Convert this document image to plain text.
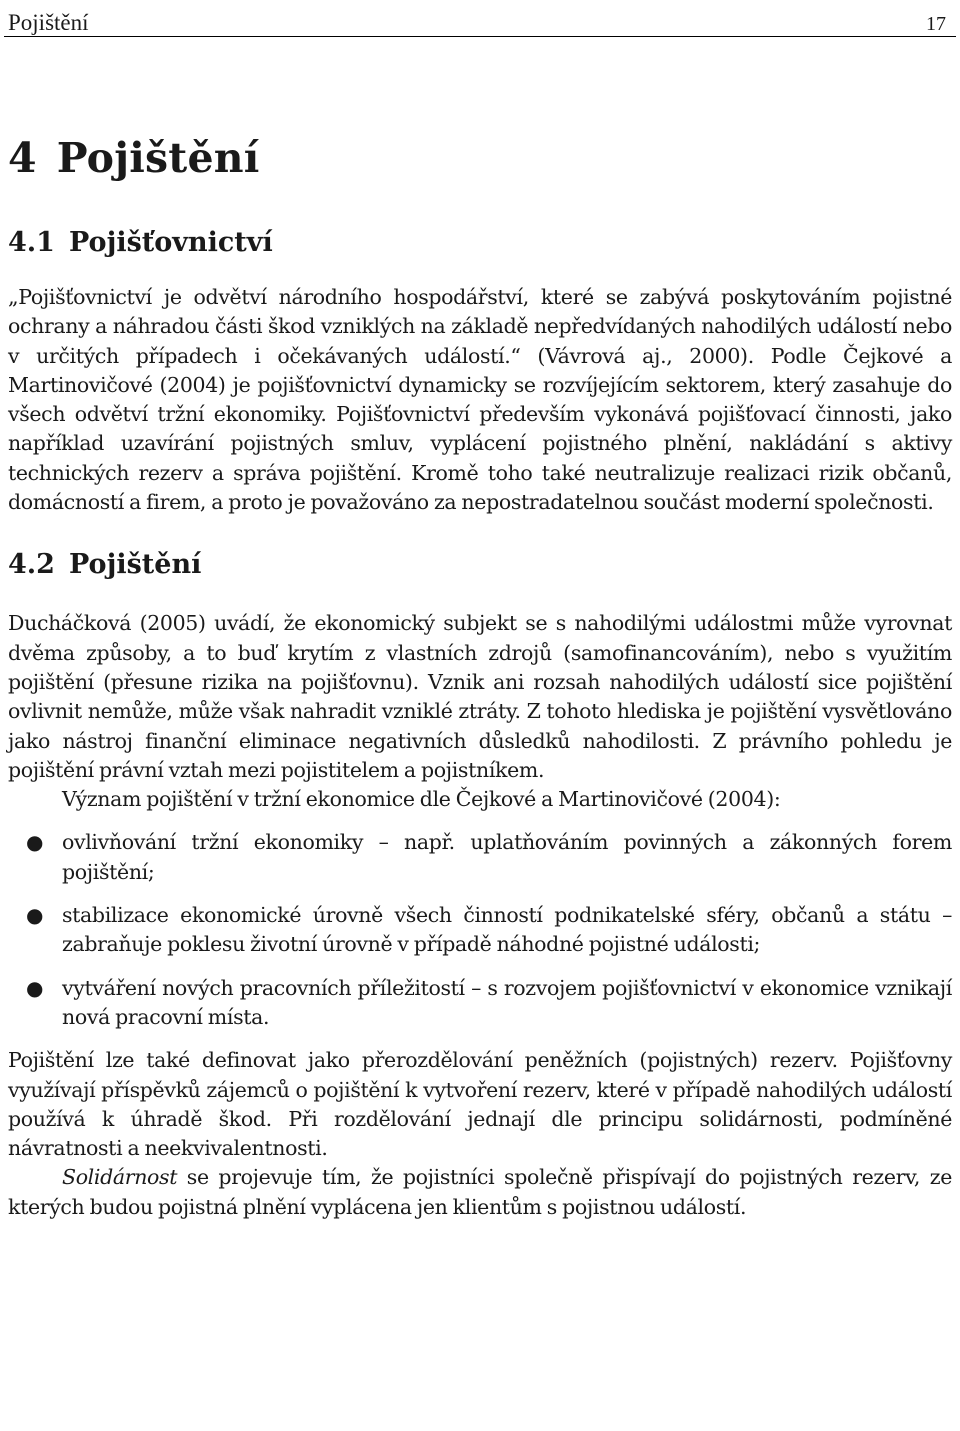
Pojištění	17
4 Pojištění
4.1 Pojišťovnictví

„Pojišťovnictví je odvětví národního hospodářství, které se zabývá poskytováním pojistné ochrany a náhradou části škod vzniklých na základě nepředvídaných nahodilých událostí nebo v určitých případech i očekávaných událostí.“ (Vávrová aj., 2000). Podle Čejkové a Martinovičové (2004) je pojišťovnictví dynamicky se rozvíjejícím sektorem, který zasahuje do všech odvětví tržní ekonomiky. Pojišťovnictví především vykonává pojišťovací činnosti, jako například uzavírání pojistných smluv, vyplácení pojistného plnění, nakládání s aktivy technických rezerv a správa pojištění. Kromě toho také neutralizuje realizaci rizik občanů, domácností a firem, a proto je považováno za nepostradatelnou součást moderní společnosti.

4.2 Pojištění

Ducháčková (2005) uvádí, že ekonomický subjekt se s nahodilými událostmi může vyrovnat dvěma způsoby, a to buď krytím z vlastních zdrojů (samofinancováním), nebo s využitím pojištění (přesune rizika na pojišťovnu). Vznik ani rozsah nahodilých událostí sice pojištění ovlivnit nemůže, může však nahradit vzniklé ztráty. Z tohoto hlediska je pojištění vysvětlováno jako nástroj finanční eliminace negativních důsledků nahodilosti. Z právního pohledu je pojištění právní vztah mezi pojistitelem a pojistníkem.

Význam pojištění v tržní ekonomice dle Čejkové a Martinovičové (2004):

● ovlivňování tržní ekonomiky – např. uplatňováním povinných a zákonných forem pojištění;
● stabilizace ekonomické úrovně všech činností podnikatelské sféry, občanů a státu – zabraňuje poklesu životní úrovně v případě náhodné pojistné události;
● vytváření nových pracovních příležitostí – s rozvojem pojišťovnictví v ekonomice vznikají nová pracovní místa.

Pojištění lze také definovat jako přerozdělování peněžních (pojistných) rezerv. Pojišťovny využívají příspěvků zájemců o pojištění k vytvoření rezerv, které v případě nahodilých událostí používá k úhradě škod. Při rozdělování jednají dle principu solidárnosti, podmíněné návratnosti a neekvivalentnosti.

Solidárnost se projevuje tím, že pojistníci společně přispívají do pojistných rezerv, ze kterých budou pojistná plnění vyplácena jen klientům s pojistnou událostí.
